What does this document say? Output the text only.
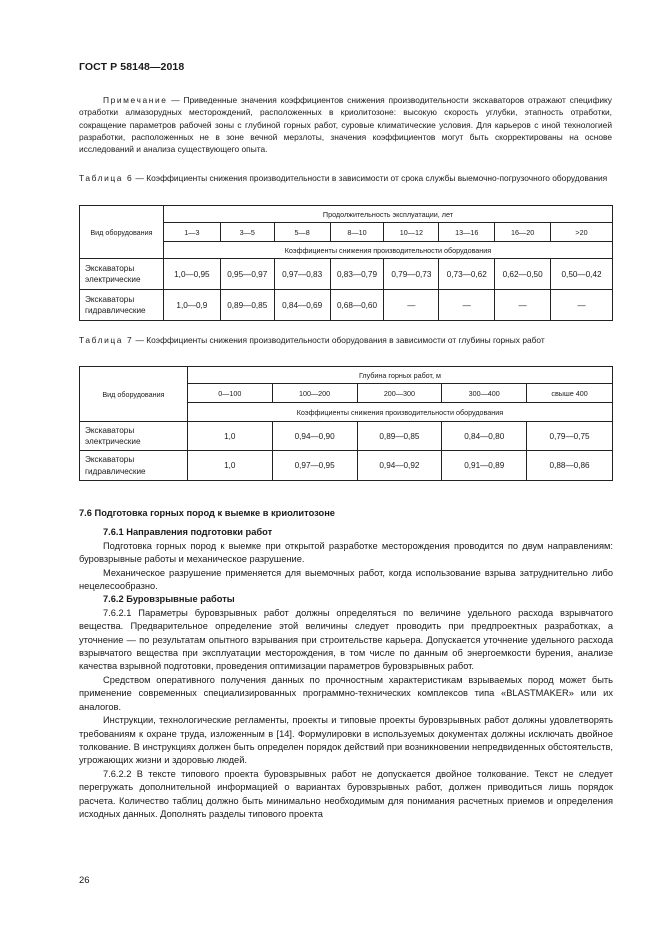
ГОСТ Р 58148—2018
Примечание — Приведенные значения коэффициентов снижения производительности экскаваторов отражают специфику отработки алмазорудных месторождений, расположенных в криолитозоне: высокую скорость углубки, этапность отработки, сокращение параметров рабочей зоны с глубиной горных работ, суровые климатические условия. Для карьеров с иной технологией разработки, расположенных не в зоне вечной мерзлоты, значения коэффициентов могут быть скорректированы на основе исследований и анализа существующего опыта.
Таблица 6 — Коэффициенты снижения производительности в зависимости от срока службы выемочно-погрузочного оборудования
Вид оборудования	Продолжительность эксплуатации, лет							
	1—3	3—5	5—8	8—10	10—12	13—16	16—20	>20
	Коэффициенты снижения производительности оборудования							
Экскаваторы электрические	1,0—0,95	0,95—0,97	0,97—0,83	0,83—0,79	0,79—0,73	0,73—0,62	0,62—0,50	0,50—0,42
Экскаваторы гидравлические	1,0—0,9	0,89—0,85	0,84—0,69	0,68—0,60	—	—	—	—
Таблица 7 — Коэффициенты снижения производительности оборудования в зависимости от глубины горных работ
Вид оборудования	Глубина горных работ, м				
	0—100	100—200	200—300	300—400	свыше 400
	Коэффициенты снижения производительности оборудования				
Экскаваторы электрические	1,0	0,94—0,90	0,89—0,85	0,84—0,80	0,79—0,75
Экскаваторы гидравлические	1,0	0,97—0,95	0,94—0,92	0,91—0,89	0,88—0,86
7.6 Подготовка горных пород к выемке в криолитозоне
7.6.1 Направления подготовки работ

Подготовка горных пород к выемке при открытой разработке месторождения проводится по двум направлениям: буровзрывные работы и механическое разрушение.

Механическое разрушение применяется для выемочных работ, когда использование взрыва затруднительно либо нецелесообразно.

7.6.2 Буровзрывные работы

7.6.2.1 Параметры буровзрывных работ должны определяться по величине удельного расхода взрывчатого вещества. Предварительное определение этой величины следует проводить при предпроектных разработках, а уточнение — по результатам опытного взрывания при строительстве карьера. Допускается уточнение удельного расхода взрывчатого вещества при эксплуатации месторождения, в том числе по данным об энергоемкости бурения, анализе качества взрывной подготовки, проведения оптимизации параметров буровзрывных работ.

Средством оперативного получения данных по прочностным характеристикам взрываемых пород может быть применение современных специализированных программно-технических комплексов типа «BLASTMAKER» или их аналогов.

Инструкции, технологические регламенты, проекты и типовые проекты буровзрывных работ должны удовлетворять требованиям к охране труда, изложенным в [14]. Формулировки в используемых документах должны исключать двойное толкование. В инструкциях должен быть определен порядок действий при возникновении непредвиденных обстоятельств, угрожающих жизни и здоровью людей.

7.6.2.2 В тексте типового проекта буровзрывных работ не допускается двойное толкование. Текст не следует перегружать дополнительной информацией о вариантах буровзрывных работ, должен приводиться лишь порядок расчета. Количество таблиц должно быть минимально необходимым для понимания расчетных приемов и определения исходных данных. Дополнять разделы типового проекта

26
